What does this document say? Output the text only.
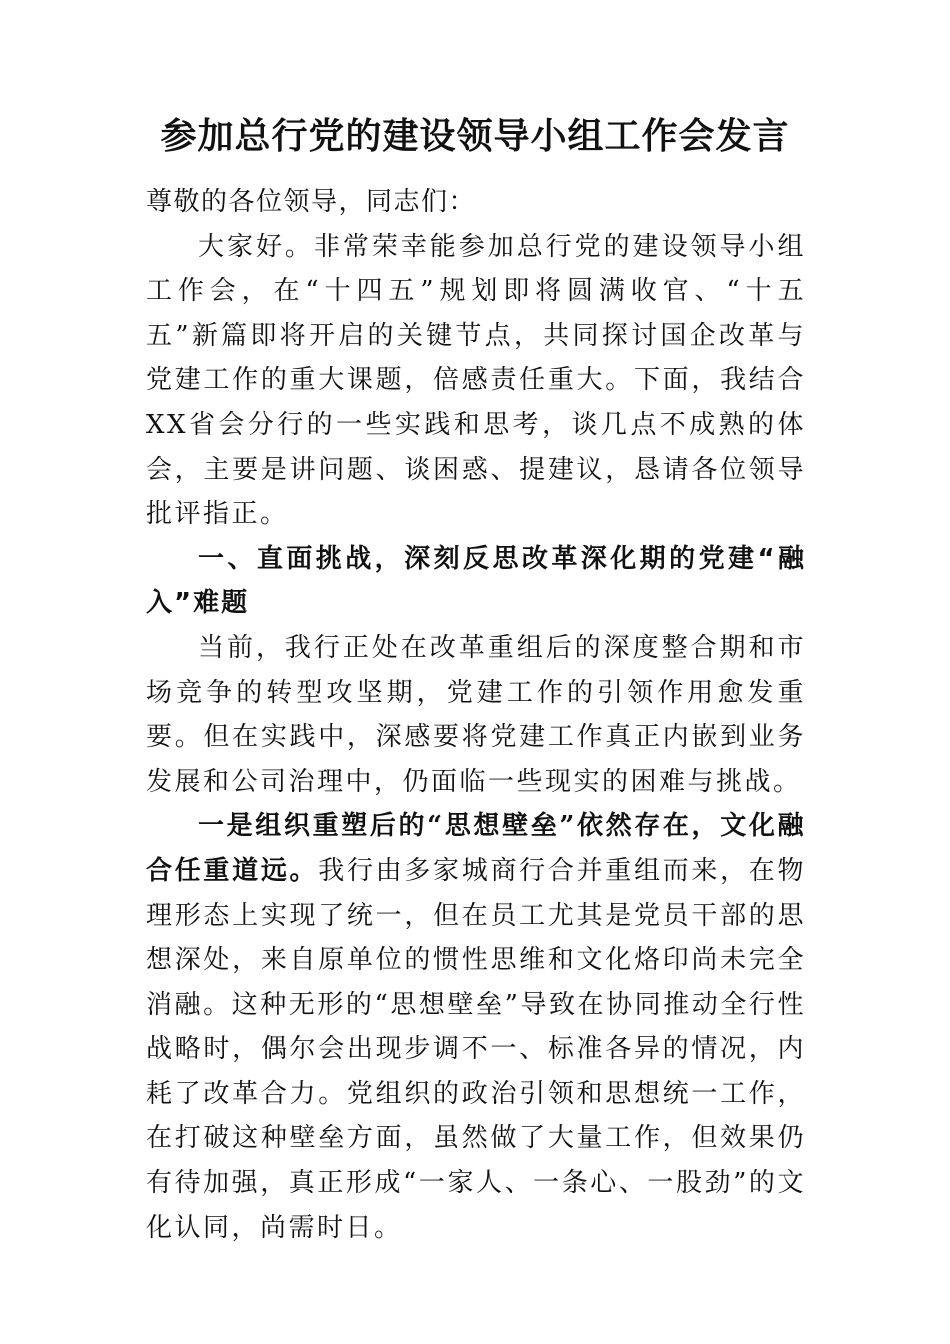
参加总行党的建设领导小组工作会发言

尊敬的各位领导，同志们：

大家好。非常荣幸能参加总行党的建设领导小组工作会，在“十四五”规划即将圆满收官、“十五五”新篇即将开启的关键节点，共同探讨国企改革与党建工作的重大课题，倍感责任重大。下面，我结合XX省会分行的一些实践和思考，谈几点不成熟的体会，主要是讲问题、谈困惑、提建议，恳请各位领导批评指正。

一、直面挑战，深刻反思改革深化期的党建“融入”难题

当前，我行正处在改革重组后的深度整合期和市场竞争的转型攻坚期，党建工作的引领作用愈发重要。但在实践中，深感要将党建工作真正内嵌到业务发展和公司治理中，仍面临一些现实的困难与挑战。

一是组织重塑后的“思想壁垒”依然存在，文化融合任重道远。我行由多家城商行合并重组而来，在物理形态上实现了统一，但在员工尤其是党员干部的思想深处，来自原单位的惯性思维和文化烙印尚未完全消融。这种无形的“思想壁垒”导致在协同推动全行性战略时，偶尔会出现步调不一、标准各异的情况，内耗了改革合力。党组织的政治引领和思想统一工作，在打破这种壁垒方面，虽然做了大量工作，但效果仍有待加强，真正形成“一家人、一条心、一股劲”的文化认同，尚需时日。
